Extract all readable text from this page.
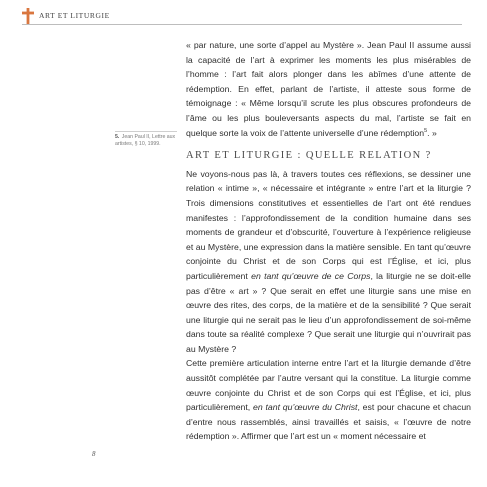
ART ET LITURGIE
5. Jean Paul II, Lettre aux artistes, § 10, 1999.

« par nature, une sorte d’appel au Mystère ». Jean Paul II assume aussi la capacité de l’art à exprimer les moments les plus misérables de l’homme : l’art fait alors plonger dans les abîmes d’une attente de rédemption. En effet, parlant de l’artiste, il atteste sous forme de témoignage : « Même lorsqu’il scrute les plus obscures profondeurs de l’âme ou les plus bouleversants aspects du mal, l’artiste se fait en quelque sorte la voix de l’attente universelle d’une rédemption$^5$. »

ART ET LITURGIE : QUELLE RELATION ?

Ne voyons-nous pas là, à travers toutes ces réflexions, se dessiner une relation « intime », « nécessaire et intégrante » entre l’art et la liturgie ? Trois dimensions constitutives et essentielles de l’art ont été rendues manifestes : l’approfondissement de la condition humaine dans ses moments de grandeur et d’obscurité, l’ouverture à l’expérience religieuse et au Mystère, une expression dans la matière sensible. En tant qu’œuvre conjointe du Christ et de son Corps qui est l’Église, et ici, plus particulièrement en tant qu’œuvre de ce Corps, la liturgie ne se doit-elle pas d’être « art » ? Que serait en effet une liturgie sans une mise en œuvre des rites, des corps, de la matière et de la sensibilité ? Que serait une liturgie qui ne serait pas le lieu d’un approfondissement de soi-même dans toute sa réalité complexe ? Que serait une liturgie qui n’ouvrirait pas au Mystère ?

Cette première articulation interne entre l’art et la liturgie demande d’être aussitôt complétée par l’autre versant qui la constitue. La liturgie comme œuvre conjointe du Christ et de son Corps qui est l’Église, et ici, plus particulièrement, en tant qu’œuvre du Christ, est pour chacune et chacun d’entre nous rassemblés, ainsi travaillés et saisis, « l’œuvre de notre rédemption ». Affirmer que l’art est un « moment nécessaire et

8
